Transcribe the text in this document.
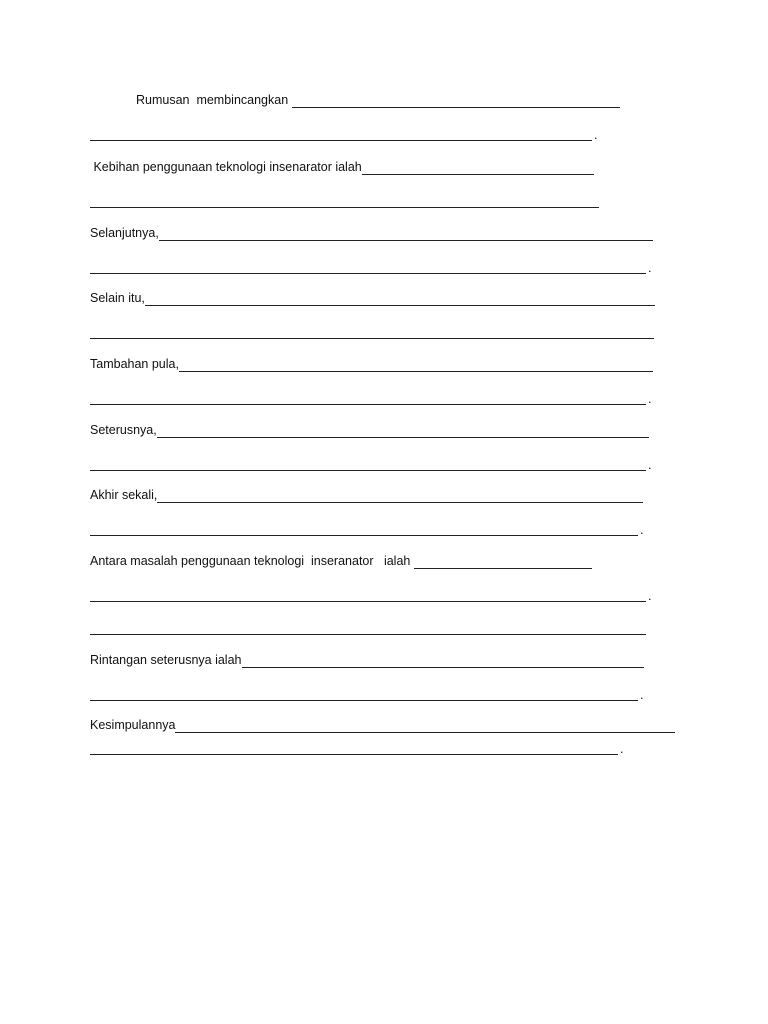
Rumusan  membincangkan
.
Kebihan penggunaan teknologi insenarator ialah
Selanjutnya,
.
Selain itu,
Tambahan pula,
.
Seterusnya,
.
Akhir sekali,
.
Antara masalah penggunaan teknologi  inseranator   ialah
.
Rintangan seterusnya ialah
.
Kesimpulannya
.
